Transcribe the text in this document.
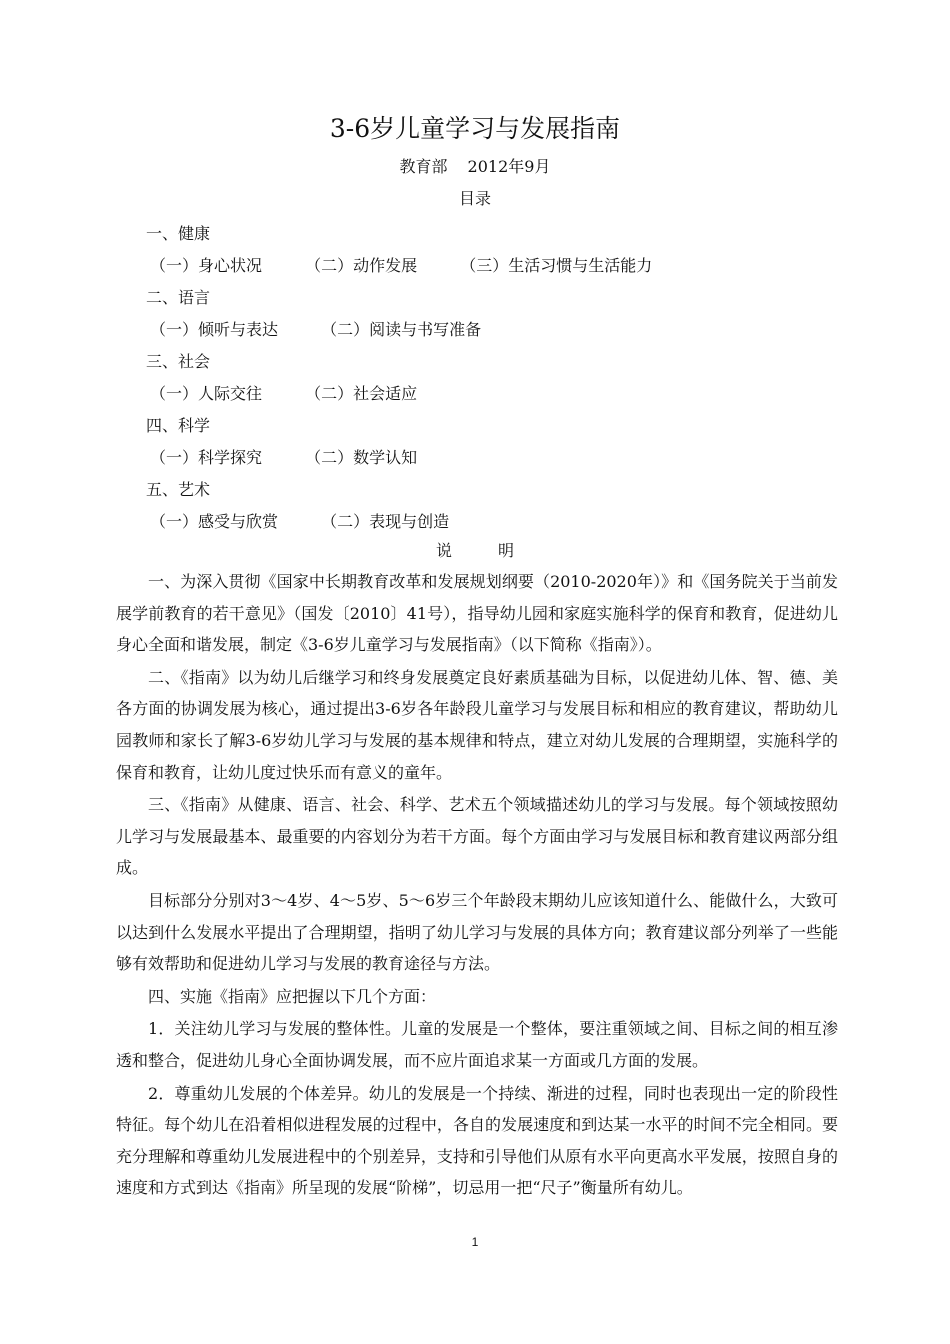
3-6岁儿童学习与发展指南
教育部 2012年9月
目录
一、健康
（一）身心状况	（二）动作发展	（三）生活习惯与生活能力
二、语言
（一）倾听与表达	（二）阅读与书写准备
三、社会
（一）人际交往	（二）社会适应
四、科学
（一）科学探究	（二）数学认知
五、艺术
（一）感受与欣赏	（二）表现与创造
说	明

一、为深入贯彻《国家中长期教育改革和发展规划纲要（2010-2020年）》和《国务院关于当前发展学前教育的若干意见》（国发〔2010〕41号），指导幼儿园和家庭实施科学的保育和教育，促进幼儿身心全面和谐发展，制定《3-6岁儿童学习与发展指南》（以下简称《指南》）。

二、《指南》以为幼儿后继学习和终身发展奠定良好素质基础为目标，以促进幼儿体、智、德、美各方面的协调发展为核心，通过提出3-6岁各年龄段儿童学习与发展目标和相应的教育建议，帮助幼儿园教师和家长了解3-6岁幼儿学习与发展的基本规律和特点，建立对幼儿发展的合理期望，实施科学的保育和教育，让幼儿度过快乐而有意义的童年。

三、《指南》从健康、语言、社会、科学、艺术五个领域描述幼儿的学习与发展。每个领域按照幼儿学习与发展最基本、最重要的内容划分为若干方面。每个方面由学习与发展目标和教育建议两部分组成。

目标部分分别对3～4岁、4～5岁、5～6岁三个年龄段末期幼儿应该知道什么、能做什么，大致可以达到什么发展水平提出了合理期望，指明了幼儿学习与发展的具体方向；教育建议部分列举了一些能够有效帮助和促进幼儿学习与发展的教育途径与方法。

四、实施《指南》应把握以下几个方面：

1．关注幼儿学习与发展的整体性。儿童的发展是一个整体，要注重领域之间、目标之间的相互渗透和整合，促进幼儿身心全面协调发展，而不应片面追求某一方面或几方面的发展。

2．尊重幼儿发展的个体差异。幼儿的发展是一个持续、渐进的过程，同时也表现出一定的阶段性特征。每个幼儿在沿着相似进程发展的过程中，各自的发展速度和到达某一水平的时间不完全相同。要充分理解和尊重幼儿发展进程中的个别差异，支持和引导他们从原有水平向更高水平发展，按照自身的速度和方式到达《指南》所呈现的发展“阶梯”，切忌用一把“尺子”衡量所有幼儿。

1
